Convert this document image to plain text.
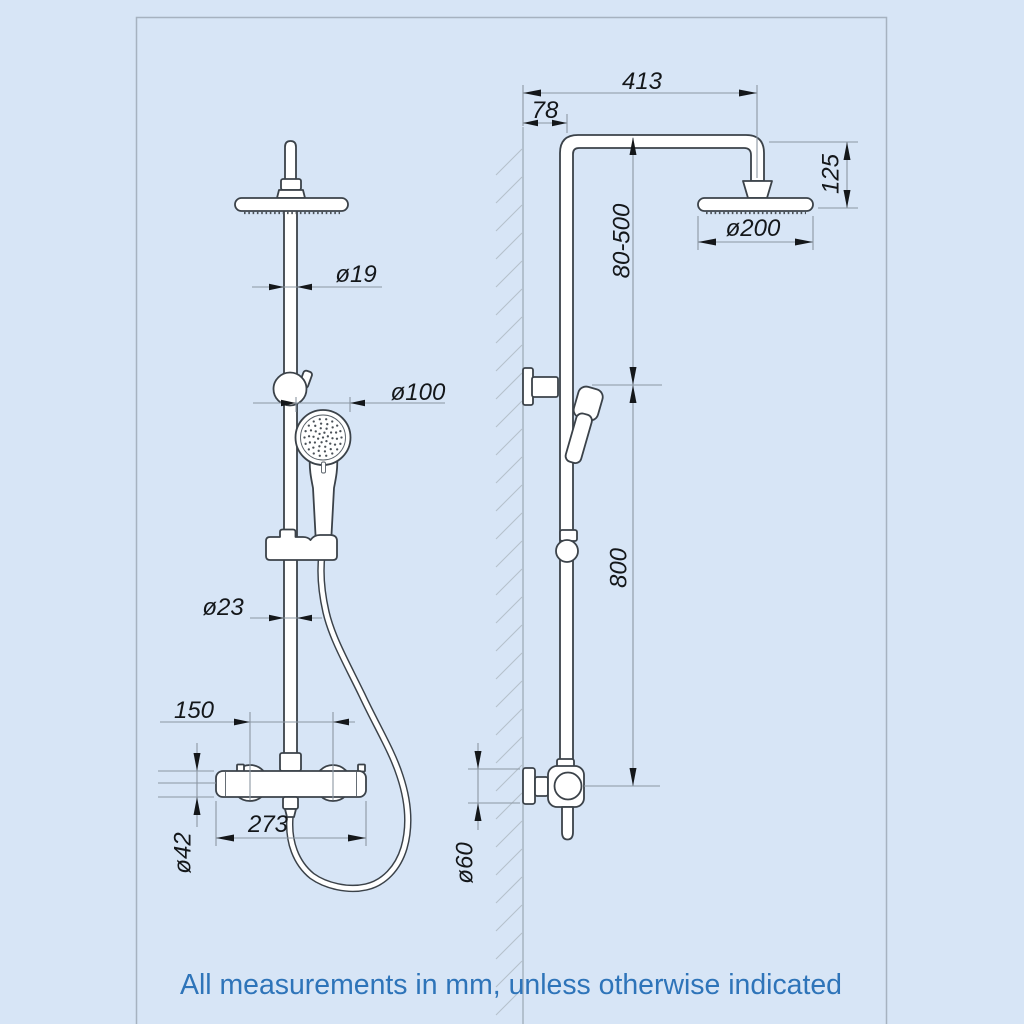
413
78
80-500
800
125
ø200
ø60
ø19
ø100
ø23
150
273
ø42
All measurements in mm, unless otherwise indicated
